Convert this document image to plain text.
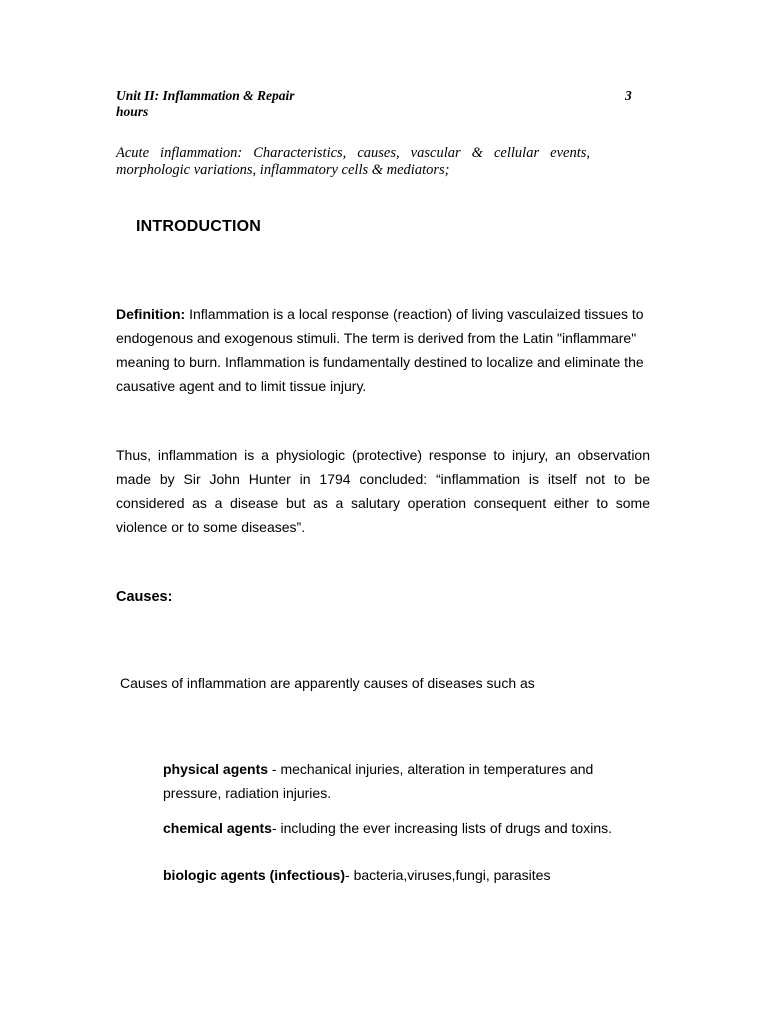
Unit II: Inflammation & Repair	3
hours
Acute inflammation: Characteristics, causes, vascular & cellular events, morphologic variations, inflammatory cells & mediators;
INTRODUCTION
Definition: Inflammation is a local response (reaction) of living vasculaized tissues to endogenous and exogenous stimuli. The term is derived from the Latin "inflammare" meaning to burn. Inflammation is fundamentally destined to localize and eliminate the causative agent and to limit tissue injury.
Thus, inflammation is a physiologic (protective) response to injury, an observation made by Sir John Hunter in 1794 concluded: “inflammation is itself not to be considered as a disease but as a salutary operation consequent either to some violence or to some diseases”.
Causes:
Causes of inflammation are apparently causes of diseases such as
physical agents - mechanical injuries, alteration in temperatures and pressure, radiation injuries.
chemical agents- including the ever increasing lists of drugs and toxins.
biologic agents (infectious)- bacteria,viruses,fungi, parasites
